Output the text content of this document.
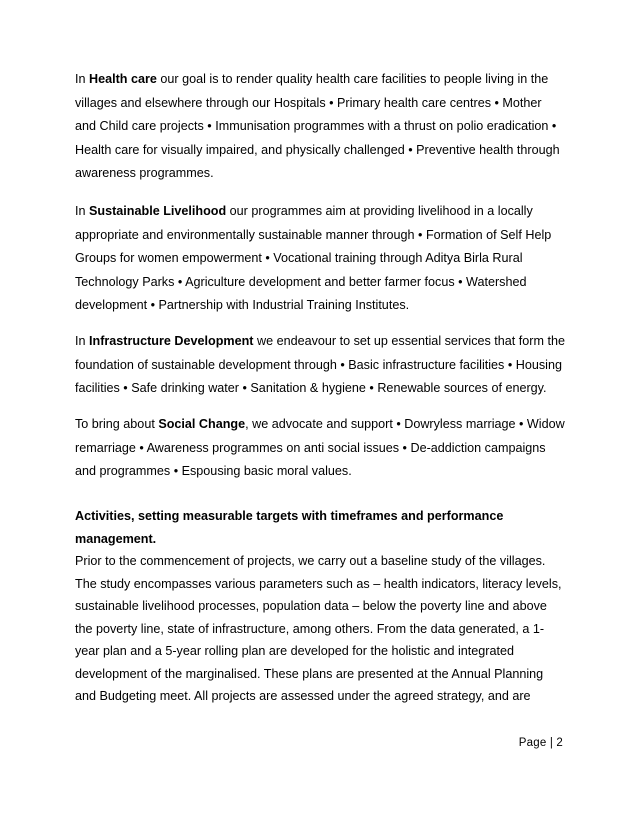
In Health care our goal is to render quality health care facilities to people living in the
villages and elsewhere through our Hospitals • Primary health care centres • Mother
and Child care projects • Immunisation programmes with a thrust on polio eradication •
Health care for visually impaired, and physically challenged • Preventive health through
awareness programmes.
In Sustainable Livelihood our programmes aim at providing livelihood in a locally
appropriate and environmentally sustainable manner through • Formation of Self Help
Groups for women empowerment • Vocational training through Aditya Birla Rural
Technology Parks • Agriculture development and better farmer focus • Watershed
development • Partnership with Industrial Training Institutes.
In Infrastructure Development we endeavour to set up essential services that form the
foundation of sustainable development through • Basic infrastructure facilities • Housing
facilities • Safe drinking water • Sanitation & hygiene • Renewable sources of energy.
To bring about Social Change, we advocate and support • Dowryless marriage • Widow
remarriage • Awareness programmes on anti social issues • De-addiction campaigns
and programmes • Espousing basic moral values.
Activities, setting measurable targets with timeframes and performance
management.
Prior to the commencement of projects, we carry out a baseline study of the villages.
The study encompasses various parameters such as – health indicators, literacy levels,
sustainable livelihood processes, population data – below the poverty line and above
the poverty line, state of infrastructure, among others. From the data generated, a 1-
year plan and a 5-year rolling plan are developed for the holistic and integrated
development of the marginalised. These plans are presented at the Annual Planning
and Budgeting meet. All projects are assessed under the agreed strategy, and are
Page | 2
